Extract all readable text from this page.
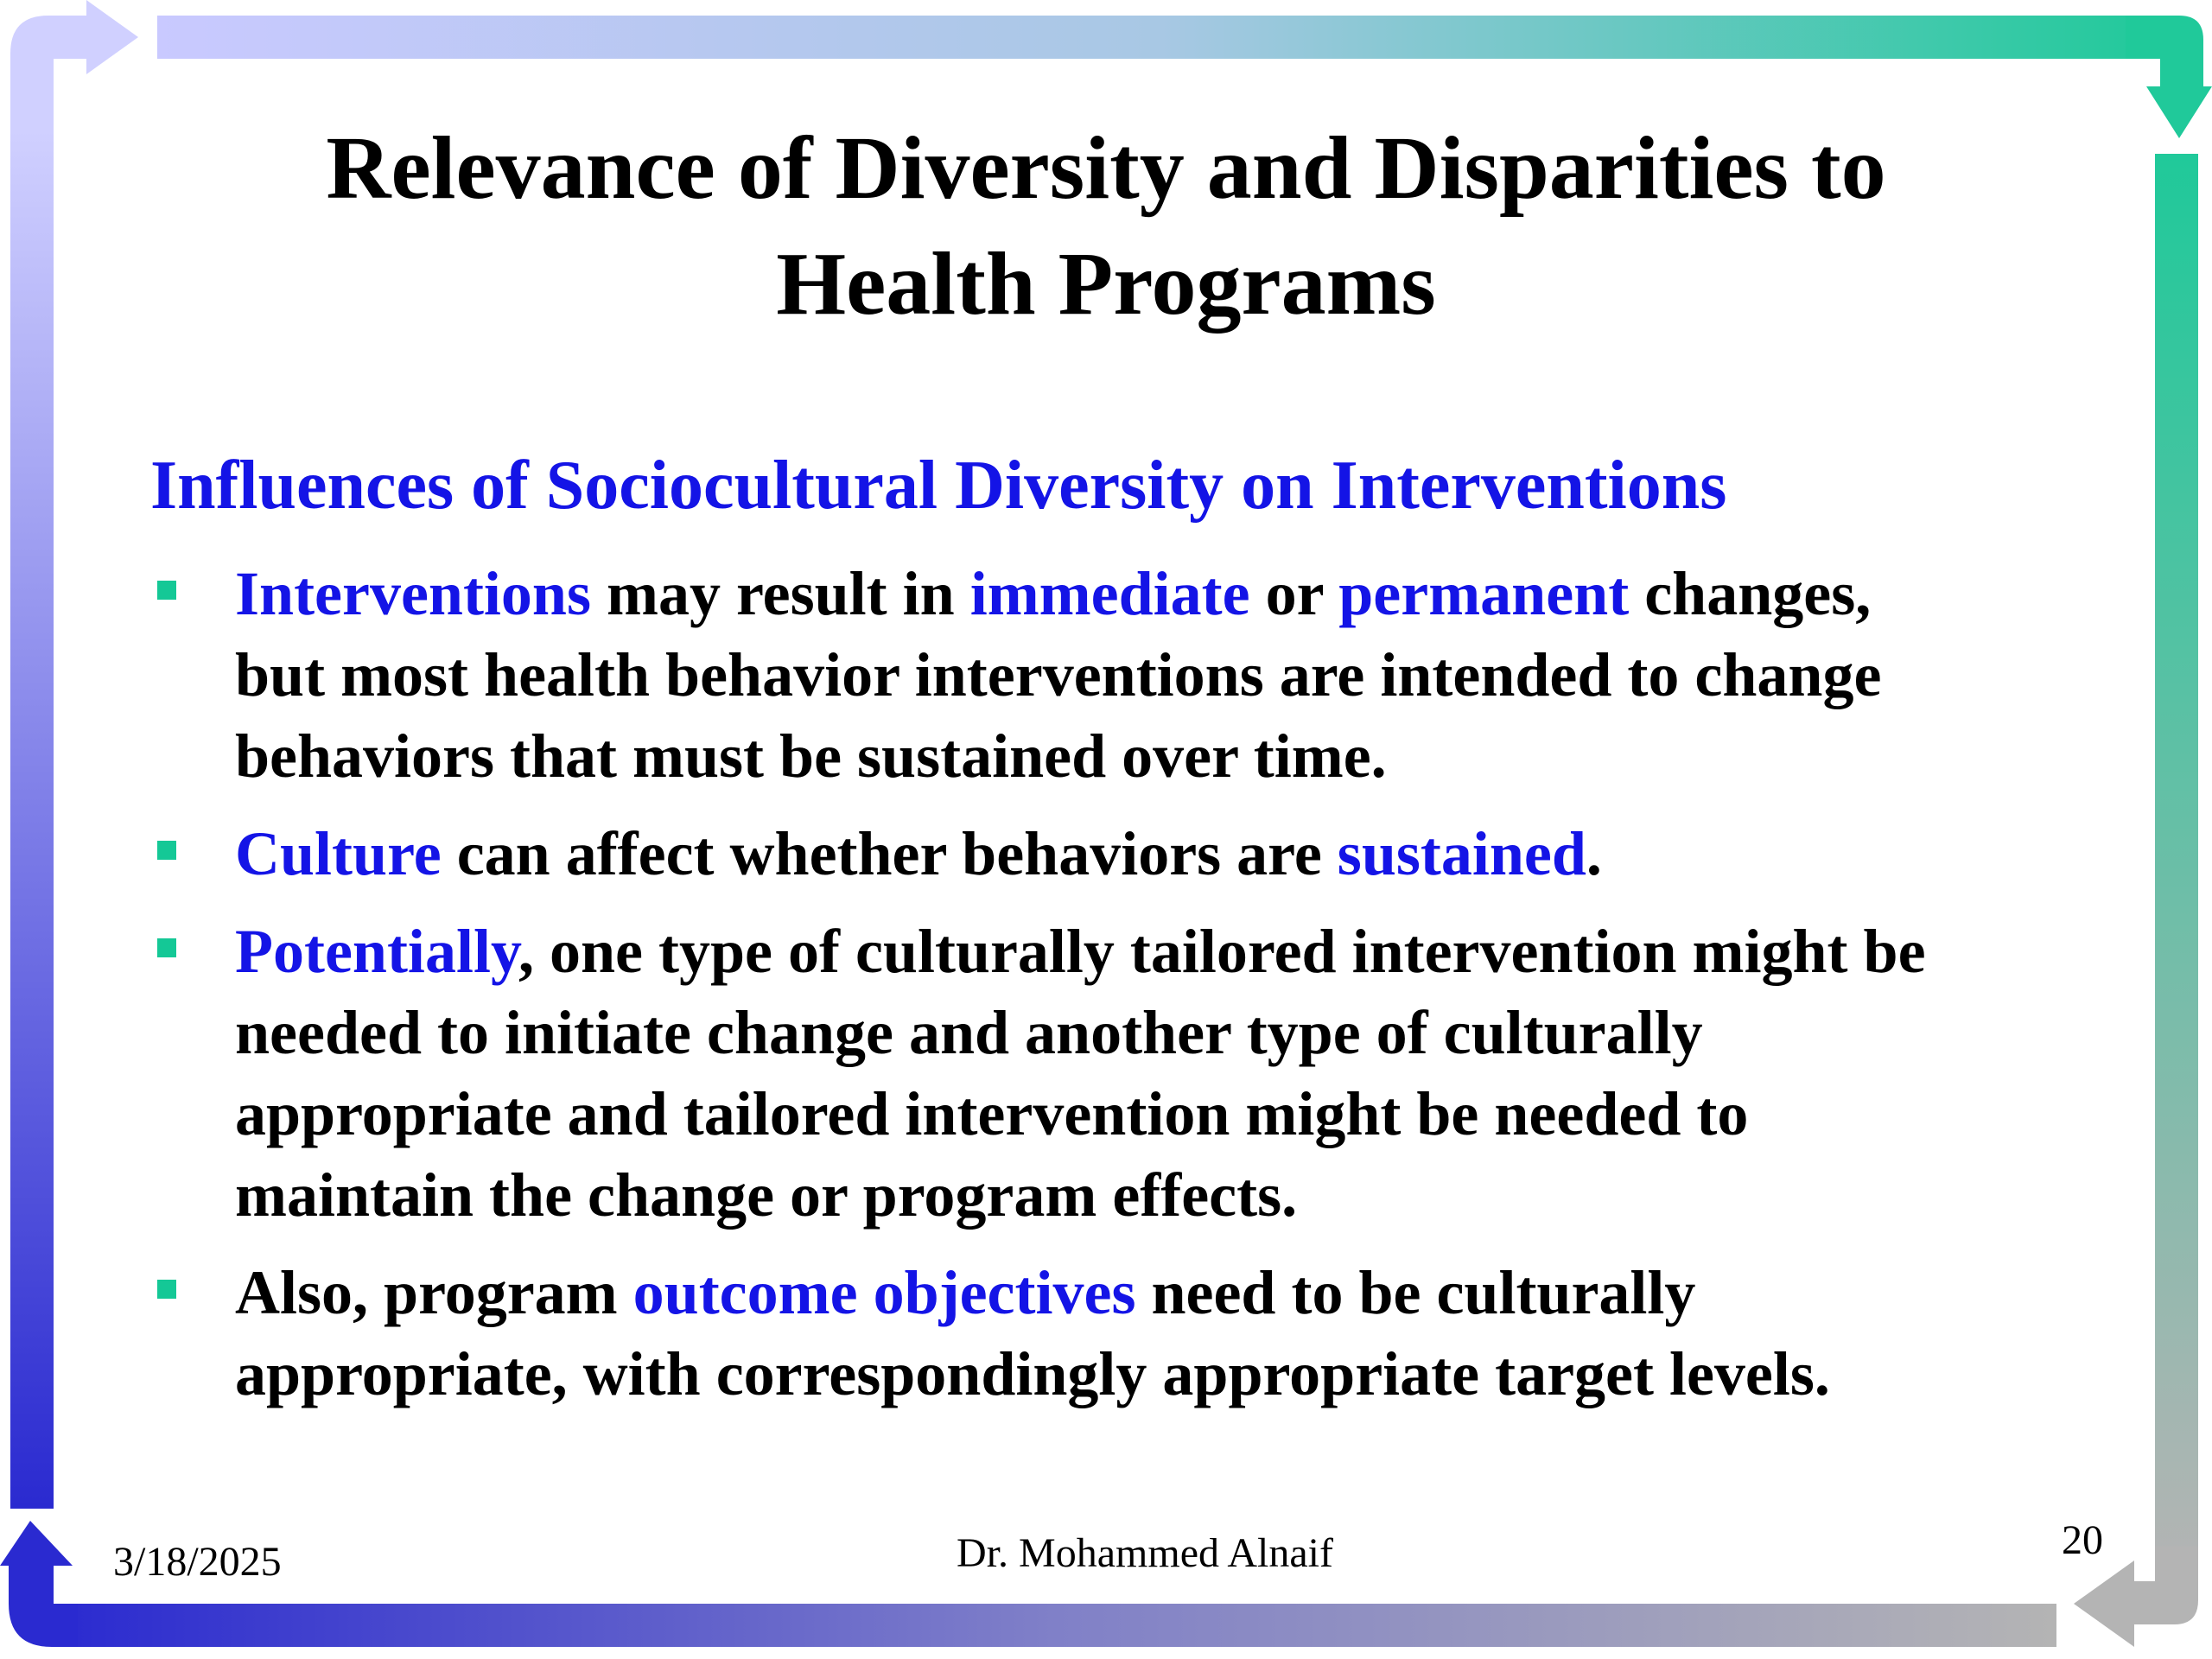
Relevance of Diversity and Disparities to
Health Programs
Influences of Sociocultural Diversity on Interventions
Interventions may result in immediate or permanent changes,
but most health behavior interventions are intended to change
behaviors that must be sustained over time.
Culture can affect whether behaviors are sustained.
Potentially, one type of culturally tailored intervention might be
needed to initiate change and another type of culturally
appropriate and tailored intervention might be needed to
maintain the change or program effects.
Also, program outcome objectives need to be culturally
appropriate, with correspondingly appropriate target levels.
3/18/2025	Dr. Mohammed Alnaif	20
